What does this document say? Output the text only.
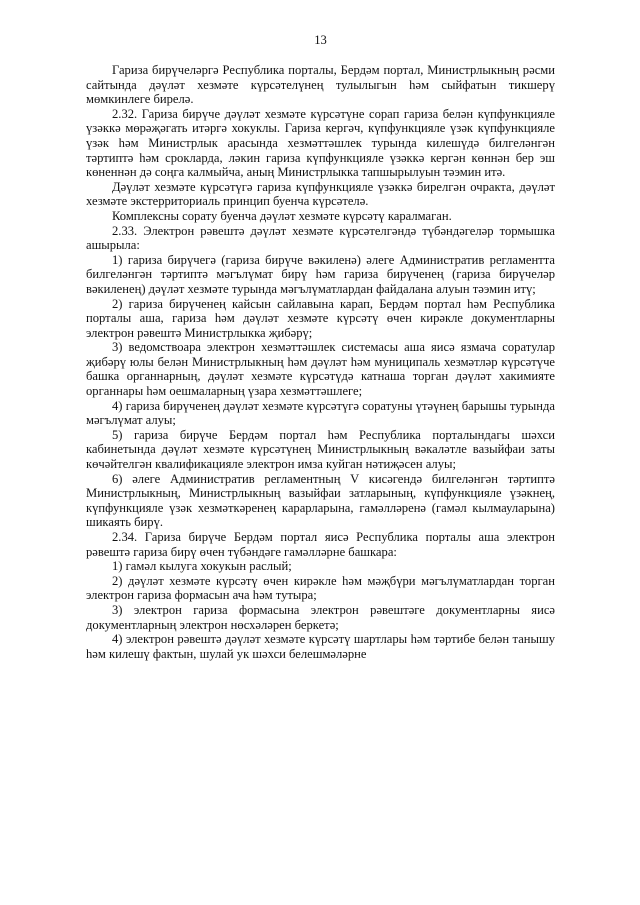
13

Гариза бирүчеләргә Республика порталы, Бердәм портал, Министрлыкның рәсми сайтында дәүләт хезмәте күрсәтелүнең тулылыгын һәм сыйфатын тикшерү мөмкинлеге бирелә.

2.32. Гариза бирүче дәүләт хезмәте күрсәтүне сорап гариза белән күпфункцияле үзәккә мөрәҗәгать итәргә хокуклы. Гариза кергәч, күпфункцияле үзәк күпфункцияле үзәк һәм Министрлык арасында хезмәттәшлек турында килешүдә билгеләнгән тәртиптә һәм срокларда, ләкин гариза күпфункцияле үзәккә кергән көннән бер эш көненнән дә соңга калмыйча, аның Министрлыкка тапшырылуын тәэмин итә.

Дәүләт хезмәте күрсәтүгә гариза күпфункцияле үзәккә бирелгән очракта, дәүләт хезмәте экстерриториаль принцип буенча күрсәтелә.

Комплексны сорату буенча дәүләт хезмәте күрсәтү каралмаган.

2.33. Электрон рәвештә дәүләт хезмәте күрсәтелгәндә түбәндәгеләр тормышка ашырыла:

1) гариза бирүчегә (гариза бирүче вәкиленә) әлеге Административ регламентта билгеләнгән тәртиптә мәгълүмат бирү һәм гариза бирүченең (гариза бирүчеләр вәкиленең) дәүләт хезмәте турында мәгълүматлардан файдалана алуын тәэмин итү;

2) гариза бирүченең кайсын сайлавына карап, Бердәм портал һәм Республика порталы аша, гариза һәм дәүләт хезмәте күрсәтү өчен кирәкле документларны электрон рәвештә Министрлыкка җибәрү;

3) ведомствоара электрон хезмәттәшлек системасы аша яисә язмача соратулар җибәрү юлы белән Министрлыкның һәм дәүләт һәм муниципаль хезмәтләр күрсәтүче башка органнарның, дәүләт хезмәте күрсәтүдә катнаша торган дәүләт хакимияте органнары һәм оешмаларның үзара хезмәттәшлеге;

4) гариза бирүченең дәүләт хезмәте күрсәтүгә соратуны үтәүнең барышы турында мәгълүмат алуы;

5) гариза бирүче Бердәм портал һәм Республика порталындагы шәхси кабинетында дәүләт хезмәте күрсәтүнең Министрлыкның вәкаләтле вазыйфаи заты көчәйтелгән квалификацияле электрон имза куйган нәтиҗәсен алуы;

6) әлеге Административ регламентның V кисәгендә билгеләнгән тәртиптә Министрлыкның, Министрлыкның вазыйфаи затларының, күпфункцияле үзәкнең, күпфункцияле үзәк хезмәткәренең карарларына, гамәлләренә (гамәл кылмауларына) шикаять бирү.

2.34. Гариза бирүче Бердәм портал яисә Республика порталы аша электрон рәвештә гариза бирү өчен түбәндәге гамәлләрне башкара:

1) гамәл кылуга хокукын раслый;

2) дәүләт хезмәте күрсәтү өчен кирәкле һәм мәҗбүри мәгълүматлардан торган электрон гариза формасын ача һәм тутыра;

3) электрон гариза формасына электрон рәвештәге документларны яисә документларның электрон нөсхәләрен беркетә;

4) электрон рәвештә дәүләт хезмәте күрсәтү шартлары һәм тәртибе белән танышу һәм килешү фактын, шулай ук шәхси белешмәләрне
